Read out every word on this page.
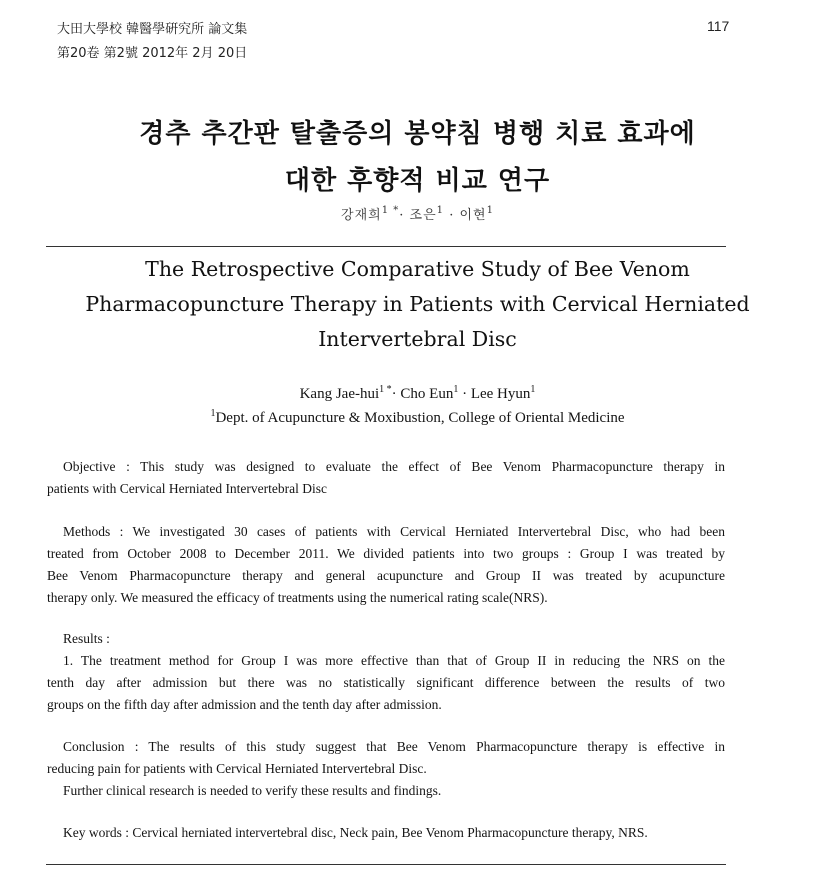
大田大學校 韓醫學硏究所 論文集
第20卷 第2號 2012年 2月 20日
117
경추 추간판 탈출증의 봉약침 병행 치료 효과에
대한 후향적 비교 연구
강재희$^{1 *}$· 조은$^1$ · 이현$^1$
The Retrospective Comparative Study of Bee Venom
Pharmacopuncture Therapy in Patients with Cervical Herniated
Intervertebral Disc
Kang Jae-hui$^{1 *}$· Cho Eun$^1$ · Lee Hyun$^1$
$^1$Dept. of Acupuncture & Moxibustion, College of Oriental Medicine
Objective : This study was designed to evaluate the effect of Bee Venom Pharmacopuncture therapy in
patients with Cervical Herniated Intervertebral Disc
Methods : We investigated 30 cases of patients with Cervical Herniated Intervertebral Disc, who had been
treated from October 2008 to December 2011. We divided patients into two groups : Group I was treated by
Bee Venom Pharmacopuncture therapy and general acupuncture and Group II was treated by acupuncture
therapy only. We measured the efficacy of treatments using the numerical rating scale(NRS).
Results :
1. The treatment method for Group I was more effective than that of Group II in reducing the NRS on the
tenth day after admission but there was no statistically significant difference between the results of two
groups on the fifth day after admission and the tenth day after admission.
Conclusion : The results of this study suggest that Bee Venom Pharmacopuncture therapy is effective in
reducing pain for patients with Cervical Herniated Intervertebral Disc.
Further clinical research is needed to verify these results and findings.
Key words : Cervical herniated intervertebral disc, Neck pain, Bee Venom Pharmacopuncture therapy, NRS.
